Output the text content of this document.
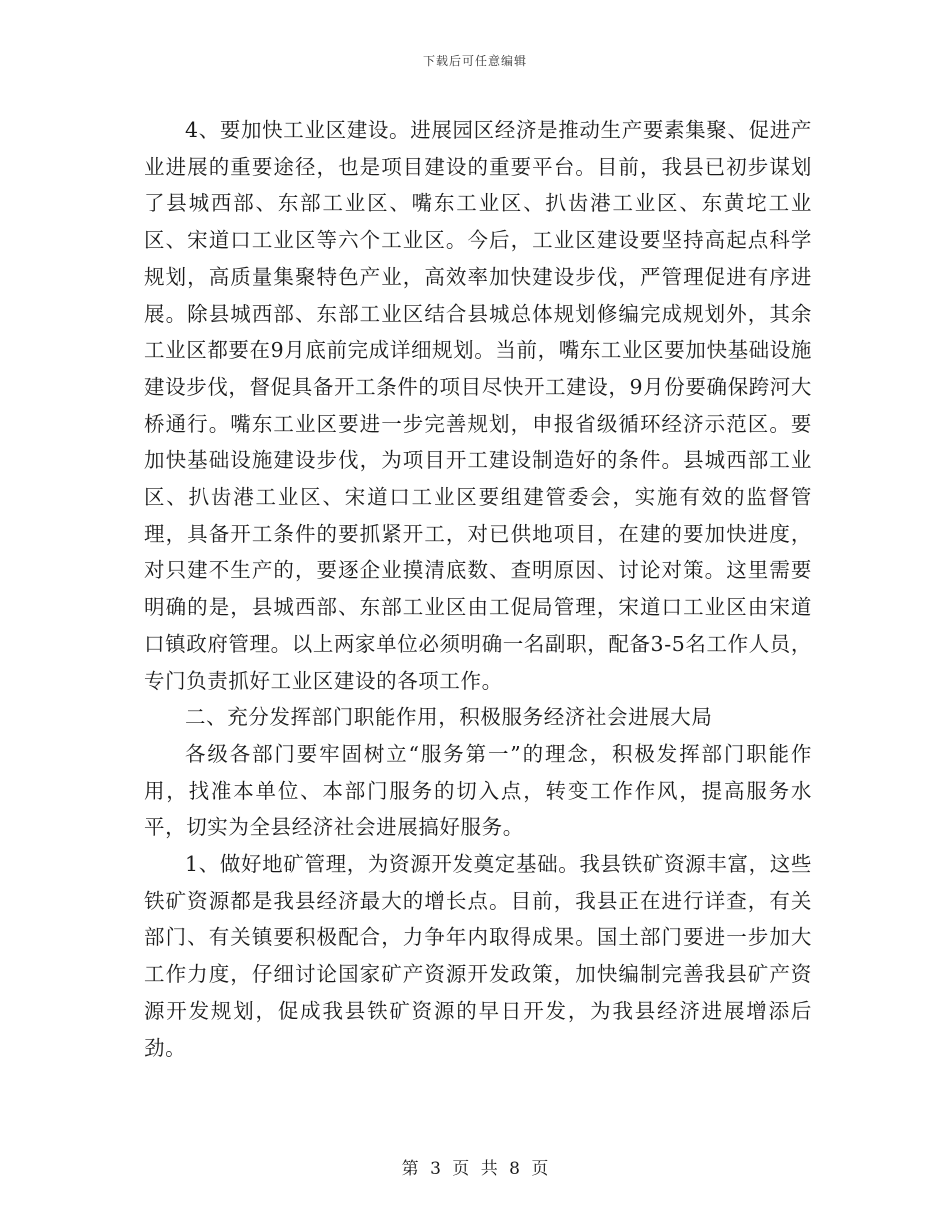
下载后可任意编辑

4、要加快工业区建设。进展园区经济是推动生产要素集聚、促进产业进展的重要途径，也是项目建设的重要平台。目前，我县已初步谋划了县城西部、东部工业区、嘴东工业区、扒齿港工业区、东黄坨工业区、宋道口工业区等六个工业区。今后，工业区建设要坚持高起点科学规划，高质量集聚特色产业，高效率加快建设步伐，严管理促进有序进展。除县城西部、东部工业区结合县城总体规划修编完成规划外，其余工业区都要在9月底前完成详细规划。当前，嘴东工业区要加快基础设施建设步伐，督促具备开工条件的项目尽快开工建设，9月份要确保跨河大桥通行。嘴东工业区要进一步完善规划，申报省级循环经济示范区。要加快基础设施建设步伐，为项目开工建设制造好的条件。县城西部工业区、扒齿港工业区、宋道口工业区要组建管委会，实施有效的监督管理，具备开工条件的要抓紧开工，对已供地项目，在建的要加快进度，对只建不生产的，要逐企业摸清底数、查明原因、讨论对策。这里需要明确的是，县城西部、东部工业区由工促局管理，宋道口工业区由宋道口镇政府管理。以上两家单位必须明确一名副职，配备3-5名工作人员，专门负责抓好工业区建设的各项工作。

二、充分发挥部门职能作用，积极服务经济社会进展大局

各级各部门要牢固树立“服务第一”的理念，积极发挥部门职能作用，找准本单位、本部门服务的切入点，转变工作作风，提高服务水平，切实为全县经济社会进展搞好服务。

1、做好地矿管理，为资源开发奠定基础。我县铁矿资源丰富，这些铁矿资源都是我县经济最大的增长点。目前，我县正在进行详查，有关部门、有关镇要积极配合，力争年内取得成果。国土部门要进一步加大工作力度，仔细讨论国家矿产资源开发政策，加快编制完善我县矿产资源开发规划，促成我县铁矿资源的早日开发，为我县经济进展增添后劲。

第 3 页 共 8 页
